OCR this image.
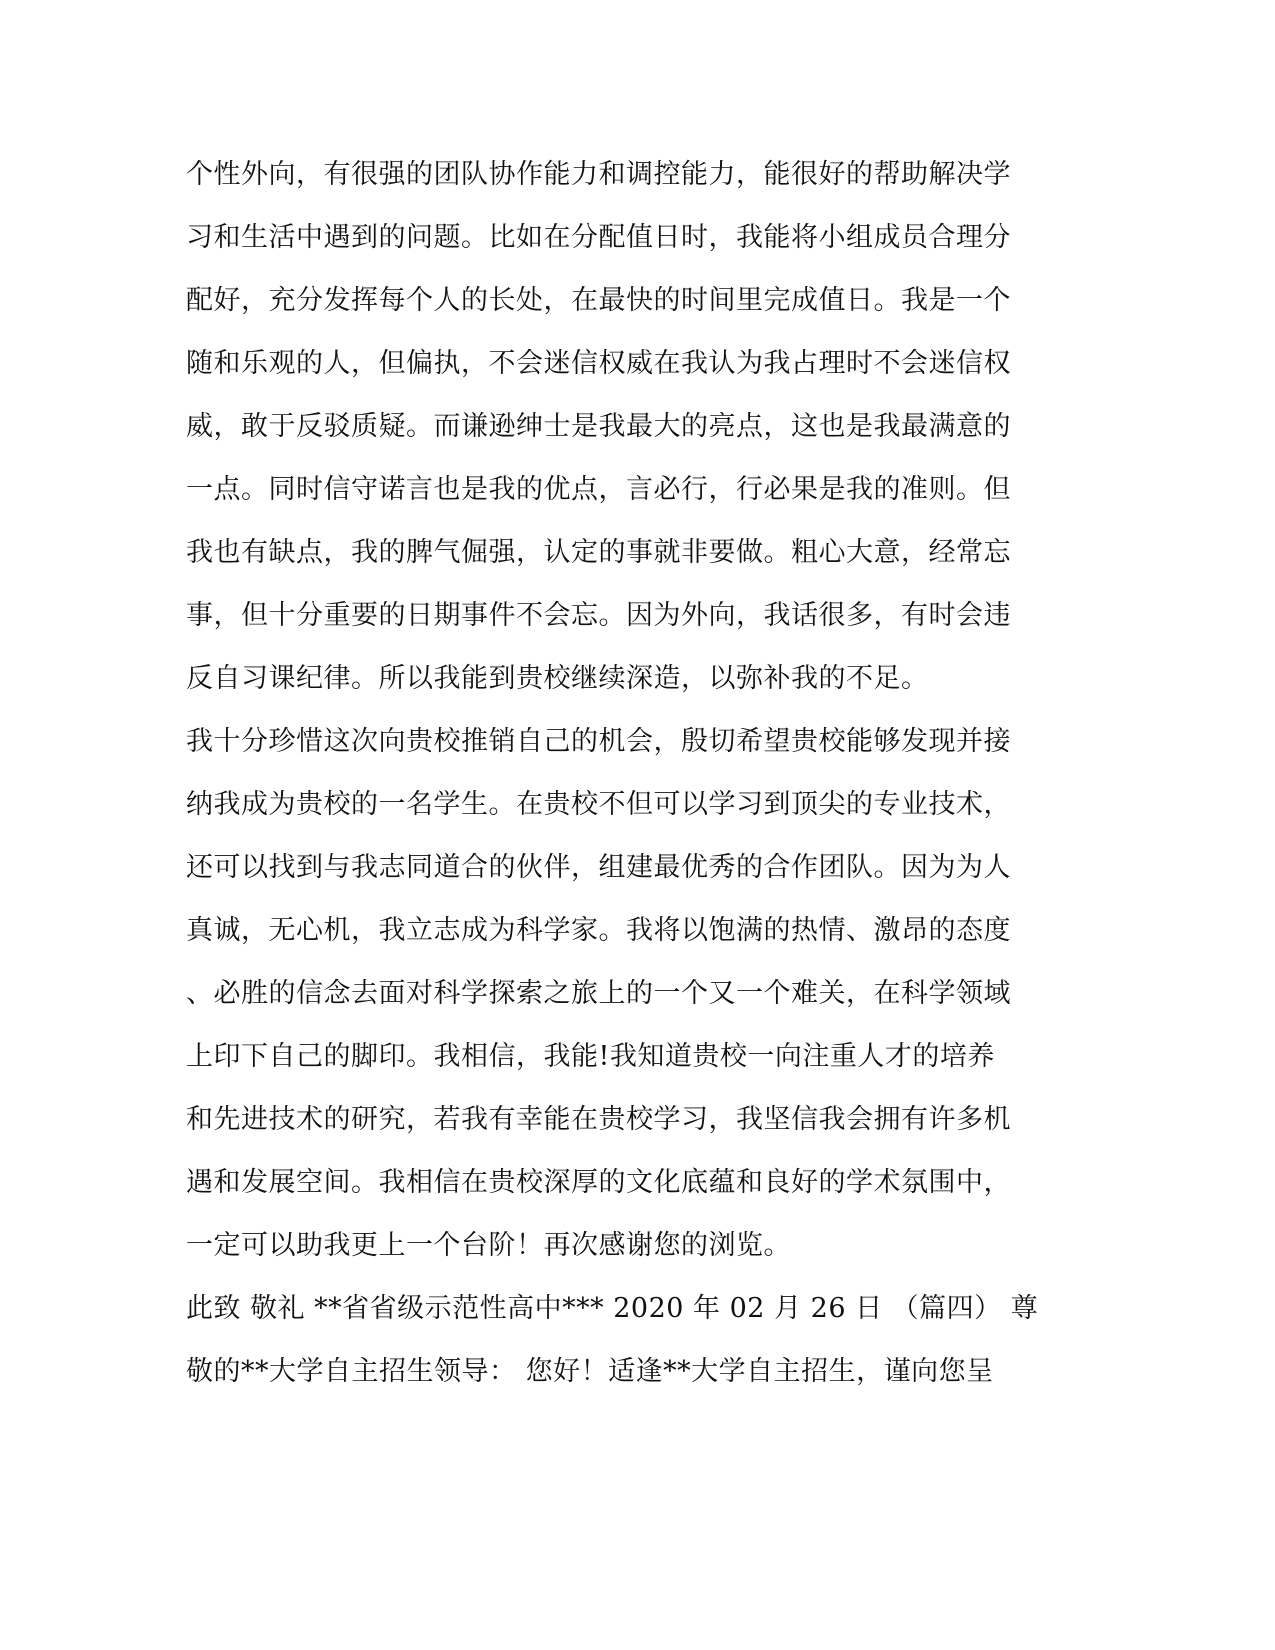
个性外向，有很强的团队协作能力和调控能力，能很好的帮助解决学
习和生活中遇到的问题。比如在分配值日时，我能将小组成员合理分
配好，充分发挥每个人的长处，在最快的时间里完成值日。我是一个
随和乐观的人，但偏执，不会迷信权威在我认为我占理时不会迷信权
威，敢于反驳质疑。而谦逊绅士是我最大的亮点，这也是我最满意的
一点。同时信守诺言也是我的优点，言必行，行必果是我的准则。但
我也有缺点，我的脾气倔强，认定的事就非要做。粗心大意，经常忘
事，但十分重要的日期事件不会忘。因为外向，我话很多，有时会违
反自习课纪律。所以我能到贵校继续深造，以弥补我的不足。
我十分珍惜这次向贵校推销自己的机会，殷切希望贵校能够发现并接
纳我成为贵校的一名学生。在贵校不但可以学习到顶尖的专业技术，
还可以找到与我志同道合的伙伴，组建最优秀的合作团队。因为为人
真诚，无心机，我立志成为科学家。我将以饱满的热情、激昂的态度
、必胜的信念去面对科学探索之旅上的一个又一个难关，在科学领域
上印下自己的脚印。我相信，我能!我知道贵校一向注重人才的培养
和先进技术的研究，若我有幸能在贵校学习，我坚信我会拥有许多机
遇和发展空间。我相信在贵校深厚的文化底蕴和良好的学术氛围中，
一定可以助我更上一个台阶！再次感谢您的浏览。
此致 敬礼 **省省级示范性高中*** 2020 年 02 月 26 日 （篇四） 尊
敬的**大学自主招生领导： 您好！适逢**大学自主招生，谨向您呈
